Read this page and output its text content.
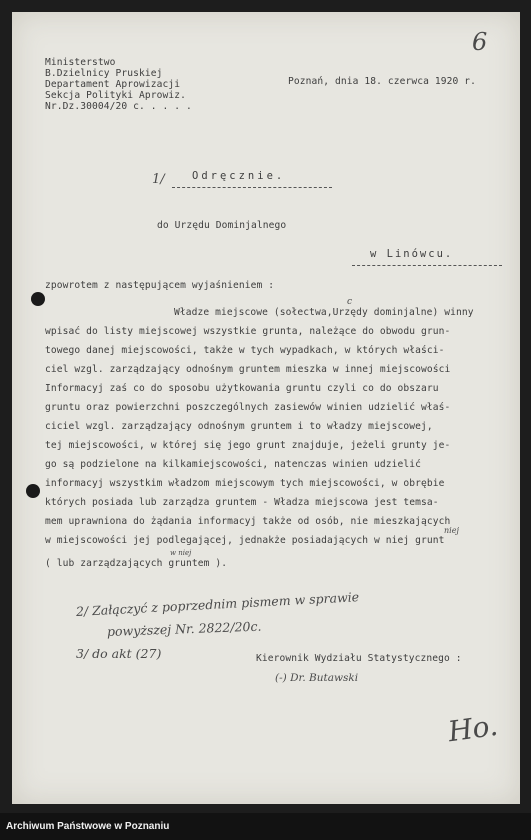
6
Ministerstwo
B.Dzielnicy Pruskiej
Departament Aprowizacji
Sekcja Polityki Aprowiz.
Nr.Dz.30004/20 c. . . . .
Poznań, dnia 18. czerwca 1920 r.
1/	Odręcznie.
do Urzędu Dominjalnego
w Linówcu.
zpowrotem z następującem wyjaśnieniem :
Władze miejscowe (sołectwa,Urzędy dominjalne) winny
wpisać do listy miejscowej wszystkie grunta, należące do obwodu grun-
towego danej miejscowości, także w tych wypadkach, w których właści-
ciel wzgl. zarządzający odnośnym gruntem mieszka w innej miejscowości
Informacyj zaś co do sposobu użytkowania gruntu czyli co do obszaru
gruntu oraz powierzchni poszczególnych zasiewów winien udzielić właś-
ciciel wzgl. zarządzający odnośnym gruntem i to władzy miejscowej,
tej miejscowości, w której się jego grunt znajduje, jeżeli grunty je-
go są podzielone na kilkamiejscowości, natenczas winien udzielić
informacyj wszystkim władzom miejscowym tych miejscowości, w obrębie
których posiada lub zarządza gruntem - Władza miejscowa jest temsa-
mem uprawniona do żądania informacyj także od osób, nie mieszkających
w miejscowości jej podlegającej, jednakże posiadających w niej grunt
( lub zarządzających gruntem ).
c
niej
w niej
2/ Załączyć z poprzednim pismem w sprawie
powyższej Nr. 2822/20c.
3/ do akt (27)	Kierownik Wydziału Statystycznego :
(-) Dr. Butawski
Ho.
Archiwum Państwowe w Poznaniu
